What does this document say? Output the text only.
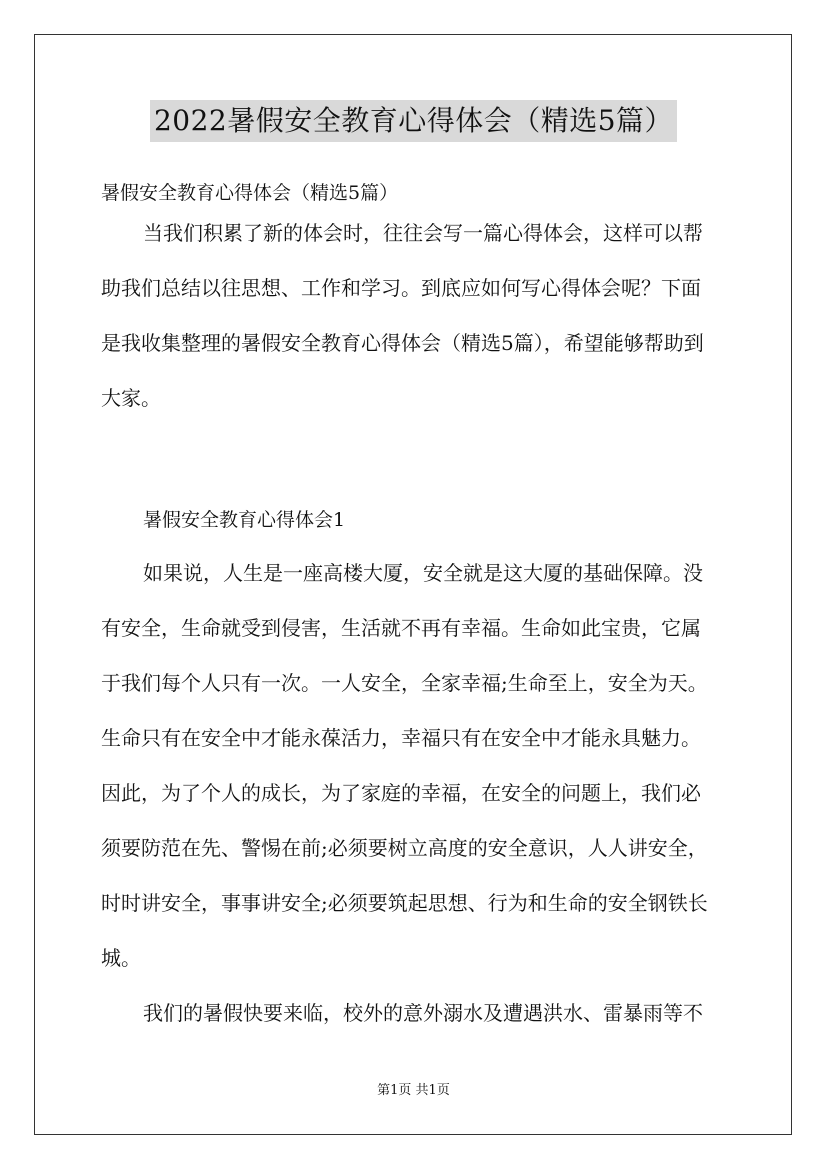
2022暑假安全教育心得体会（精选5篇）
暑假安全教育心得体会（精选5篇）
当我们积累了新的体会时，往往会写一篇心得体会，这样可以帮
助我们总结以往思想、工作和学习。到底应如何写心得体会呢？下面
是我收集整理的暑假安全教育心得体会（精选5篇），希望能够帮助到
大家。
暑假安全教育心得体会1
如果说，人生是一座高楼大厦，安全就是这大厦的基础保障。没
有安全，生命就受到侵害，生活就不再有幸福。生命如此宝贵，它属
于我们每个人只有一次。一人安全，全家幸福;生命至上，安全为天。
生命只有在安全中才能永葆活力，幸福只有在安全中才能永具魅力。
因此，为了个人的成长，为了家庭的幸福，在安全的问题上，我们必
须要防范在先、警惕在前;必须要树立高度的安全意识，人人讲安全，
时时讲安全，事事讲安全;必须要筑起思想、行为和生命的安全钢铁长
城。
我们的暑假快要来临，校外的意外溺水及遭遇洪水、雷暴雨等不
第1页 共1页
